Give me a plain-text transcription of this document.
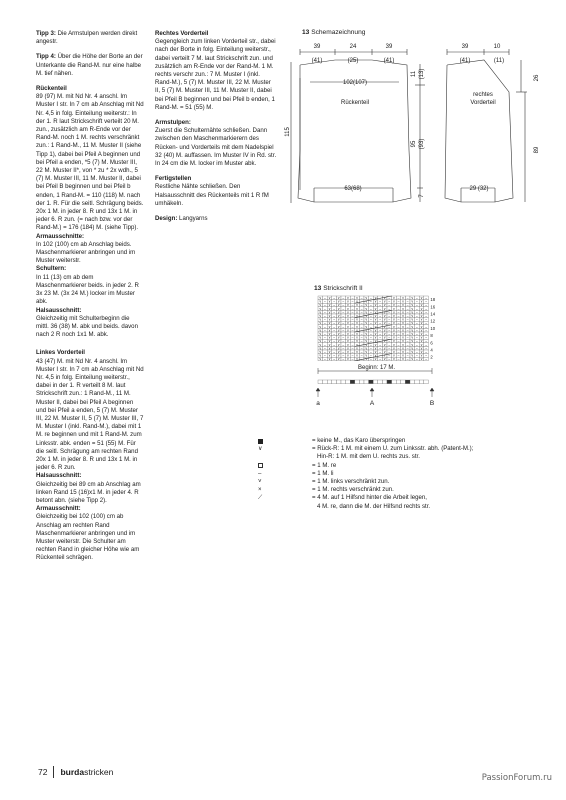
Tipp 3: Die Armstulpen werden direkt angestr.
Tipp 4: Über die Höhe der Borte an der Unterkante die Rand-M. nur eine halbe M. tief nähen.
Rückenteil
89 (97) M. mit Nd Nr. 4 anschl. Im Muster I str. In 7 cm ab Anschlag mit Nd Nr. 4,5 in folg. Einteilung weiterstr.: In der 1. R laut Strickschrift verteilt 20 M. zun., zusätzlich am R-Ende vor der Rand-M. noch 1 M. rechts verschränkt zun.: 1 Rand-M., 11 M. Muster II (siehe Tipp 1), dabei bei Pfeil A beginnen und bei Pfeil a enden, *5 (7) M. Muster III, 22 M. Muster II*, von * zu * 2x wdh., 5 (7) M. Muster III, 11 M. Muster II, dabei bei Pfeil B beginnen und bei Pfeil b enden, 1 Rand-M. = 110 (118) M. nach der 1. R. Für die seitl. Schrägung beids. 20x 1 M. in jeder 8. R und 13x 1 M. in jeder 6. R zun. (= nach bzw. vor der Rand-M.) = 176 (184) M. (siehe Tipp).
Armausschnitte:
In 102 (100) cm ab Anschlag beids. Maschenmarkierer anbringen und im Muster weiterstr.
Schultern:
In 11 (13) cm ab dem Maschenmarkierer beids. in jeder 2. R 3x 23 M. (3x 24 M.) locker im Muster abk.
Halsausschnitt:
Gleichzeitig mit Schulterbeginn die mittl. 36 (38) M. abk und beids. davon nach 2 R noch 1x1 M. abk.
Linkes Vorderteil
43 (47) M. mit Nd Nr. 4 anschl. Im Muster I str. In 7 cm ab Anschlag mit Nd Nr. 4,5 in folg. Einteilung weiterstr., dabei in der 1. R verteilt 8 M. laut Strickschrift zun.: 1 Rand-M., 11 M. Muster II, dabei bei Pfeil A beginnen und bei Pfeil a enden, 5 (7) M. Muster III, 22 M. Muster II, 5 (7) M. Muster III, 7 M. Muster I (inkl. Rand-M.), dabei mit 1 M. re beginnen und mit 1 Rand-M. zum Linksstr. abk. enden = 51 (55) M. Für die seitl. Schrägung am rechten Rand 20x 1 M. in jeder 8. R und 13x 1 M. in jeder 6. R zun.
Halsausschnitt:
Gleichzeitig bei 89 cm ab Anschlag am linken Rand 15 (16)x1 M. in jeder 4. R betont abn. (siehe Tipp 2).
Armausschnitt:
Gleichzeitig bei 102 (100) cm ab Anschlag am rechten Rand Maschenmarkierer anbringen und im Muster weiterstr. Die Schulter am rechten Rand in gleicher Höhe wie am Rückenteil schrägen.
Rechtes Vorderteil
Gegengleich zum linken Vorderteil str., dabei nach der Borte in folg. Einteilung weiterstr., dabei verteilt 7 M. laut Strickschrift zun. und zusätzlich am R-Ende vor der Rand-M. 1 M. rechts verschr zun.: 7 M. Muster I (inkl. Rand-M.), 5 (7) M. Muster III, 22 M. Muster II, 5 (7) M. Muster III, 11 M. Muster II, dabei bei Pfeil B beginnen und bei Pfeil b enden, 1 Rand-M. = 51 (55) M.
Armstulpen:
Zuerst die Schulternähte schließen. Dann zwischen den Maschenmarkierern des Rücken- und Vorderteils mit dem Nadelspiel 32 (40) M. auffassen. Im Muster IV in Rd. str. In 24 cm die M. locker im Muster abk.
Fertigstellen
Restliche Nähte schließen. Den Halsausschnitt des Rückenteils mit 1 R fM umhäkeln.
Design: Langyarns
13 Schemazeichnung
39	24	39
(41)	(25)	(41)
39	10
(41)	(11)
102(107)
Rückenteil
rechtes
Vorderteil
63(68)	29 (32)
115
95 (93)
11 (13)
7
26
89
13 Strickschrift II
v – v – v – v – v – v – v v – v – v – v – v –
v – v – v – v – v v – v – v – v – v – v – v –
v – v – v – v – v – v – v – v – v – v – v – v –
v – v – v – v – v – v – v – v – v – v – v – v –
v – v – v – v – v – v – v v – v – v – v – v –
v – v – v – v – v v – v – v – v – v – v – v –
v – v – v – v – v – v – v – v – v – v – v – v –
v – v – v – v – v – v – v – v – v – v – v – v –
v – v – v – v – v – v – v v – v – v – v – v –
v – v – v – v – v v – v – v – v – v – v – v –
v – v – v – v – v – v – v – v – v – v – v – v –
v – v – v – v – v – v – v – v – v – v – v – v –
v – v – v – v – v – v – v v – v – v – v – v –
v – v – v – v – v v – v – v – v – v – v – v –
v – v – v – v – v – v – v – v – v – v – v – v –
v – v – v – v – v – v – v – v – v – v – v – v –
v – v – v – v – v – v – v v – v – v – v – v –
v – v – v – v – v v – v – v – v – v – v – v –
18
16
14
12
10
8
6
4
2
Beginn: 17 M.
a	A	B
= keine M., das Karo überspringen
∨	= Rück-R: 1 M. mit einem U. zum Linksstr. abh. (Patent-M.);
Hin-R: 1 M. mit dem U. rechts zus. str.
= 1 M. re
–	= 1 M. li
˅	= 1 M. links verschränkt zun.
×	= 1 M. rechts verschränkt zun.
⟋	= 4 M. auf 1 Hilfsnd hinter die Arbeit legen,
4 M. re, dann die M. der Hilfsnd rechts str.
72 burda stricken
PassionForum.ru
